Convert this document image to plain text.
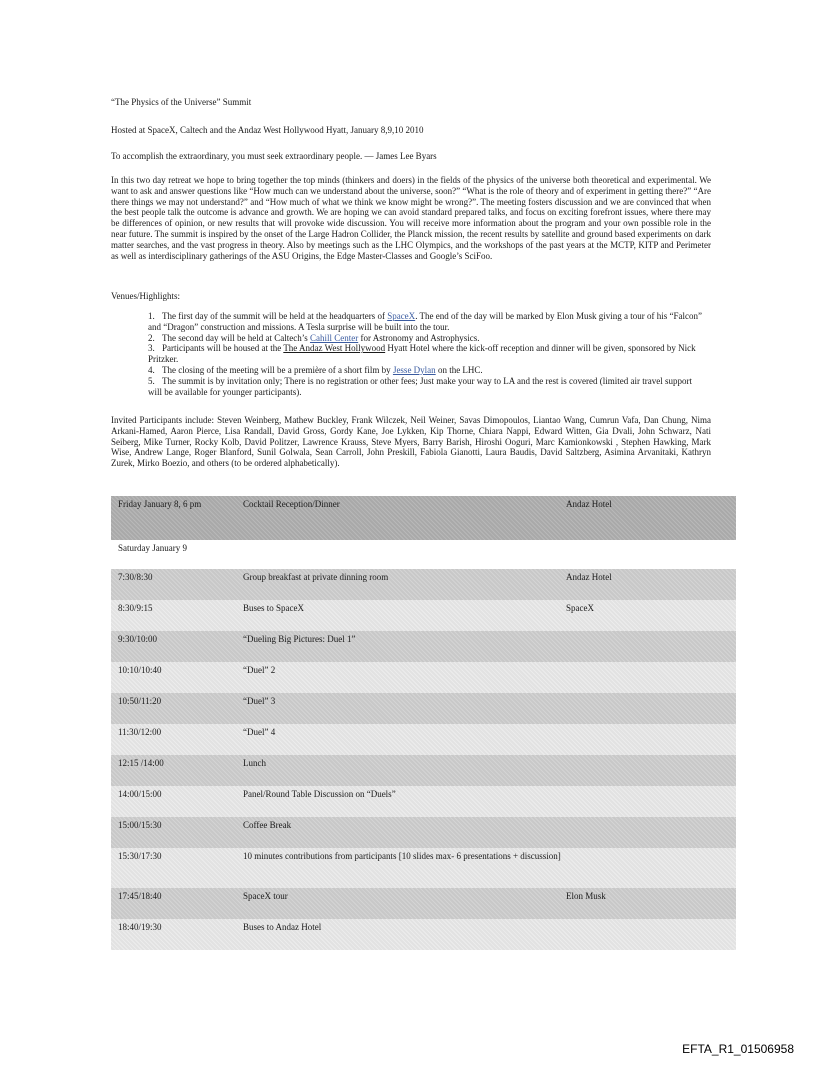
“The Physics of the Universe” Summit

Hosted at SpaceX, Caltech and the Andaz West Hollywood Hyatt, January 8,9,10 2010

To accomplish the extraordinary, you must seek extraordinary people. — James Lee Byars

In this two day retreat we hope to bring together the top minds (thinkers and doers) in the fields of the physics of the universe both theoretical and experimental. We want to ask and answer questions like “How much can we understand about the universe, soon?” “What is the role of theory and of experiment in getting there?” “Are there things we may not understand?” and “How much of what we think we know might be wrong?”. The meeting fosters discussion and we are convinced that when the best people talk the outcome is advance and growth. We are hoping we can avoid standard prepared talks, and focus on exciting forefront issues, where there may be differences of opinion, or new results that will provoke wide discussion. You will receive more information about the program and your own possible role in the near future. The summit is inspired by the onset of the Large Hadron Collider, the Planck mission, the recent results by satellite and ground based experiments on dark matter searches, and the vast progress in theory. Also by meetings such as the LHC Olympics, and the workshops of the past years at the MCTP, KITP and Perimeter as well as interdisciplinary gatherings of the ASU Origins, the Edge Master-Classes and Google’s SciFoo.

Venues/Highlights:

1. The first day of the summit will be held at the headquarters of SpaceX. The end of the day will be marked by Elon Musk giving a tour of his “Falcon” and “Dragon” construction and missions. A Tesla surprise will be built into the tour.
2. The second day will be held at Caltech’s Cahill Center for Astronomy and Astrophysics.
3. Participants will be housed at the The Andaz West Hollywood Hyatt Hotel where the kick-off reception and dinner will be given, sponsored by Nick Pritzker.
4. The closing of the meeting will be a première of a short film by Jesse Dylan on the LHC.
5. The summit is by invitation only; There is no registration or other fees; Just make your way to LA and the rest is covered (limited air travel support will be available for younger participants).

Invited Participants include: Steven Weinberg, Mathew Buckley, Frank Wilczek, Neil Weiner, Savas Dimopoulos, Liantao Wang, Cumrun Vafa, Dan Chung, Nima Arkani-Hamed, Aaron Pierce, Lisa Randall, David Gross, Gordy Kane, Joe Lykken, Kip Thorne, Chiara Nappi, Edward Witten, Gia Dvali, John Schwarz, Nati Seiberg, Mike Turner, Rocky Kolb, David Politzer, Lawrence Krauss, Steve Myers, Barry Barish, Hiroshi Ooguri, Marc Kamionkowski , Stephen Hawking, Mark Wise, Andrew Lange, Roger Blanford, Sunil Golwala, Sean Carroll, John Preskill, Fabiola Gianotti, Laura Baudis, David Saltzberg, Asimina Arvanitaki, Kathryn Zurek, Mirko Boezio, and others (to be ordered alphabetically).

Friday January 8, 6 pm	Cocktail Reception/Dinner	Andaz Hotel
Saturday January 9
7:30/8:30	Group breakfast at private dinning room	Andaz Hotel
8:30/9:15	Buses to SpaceX	SpaceX
9:30/10:00	“Dueling Big Pictures: Duel 1”
10:10/10:40	“Duel” 2
10:50/11:20	“Duel” 3
11:30/12:00	“Duel” 4
12:15 /14:00	Lunch
14:00/15:00	Panel/Round Table Discussion on “Duels”
15:00/15:30	Coffee Break
15:30/17:30	10 minutes contributions from participants [10 slides max- 6 presentations + discussion]
17:45/18:40	SpaceX tour	Elon Musk
18:40/19:30	Buses to Andaz Hotel
EFTA_R1_01506958
